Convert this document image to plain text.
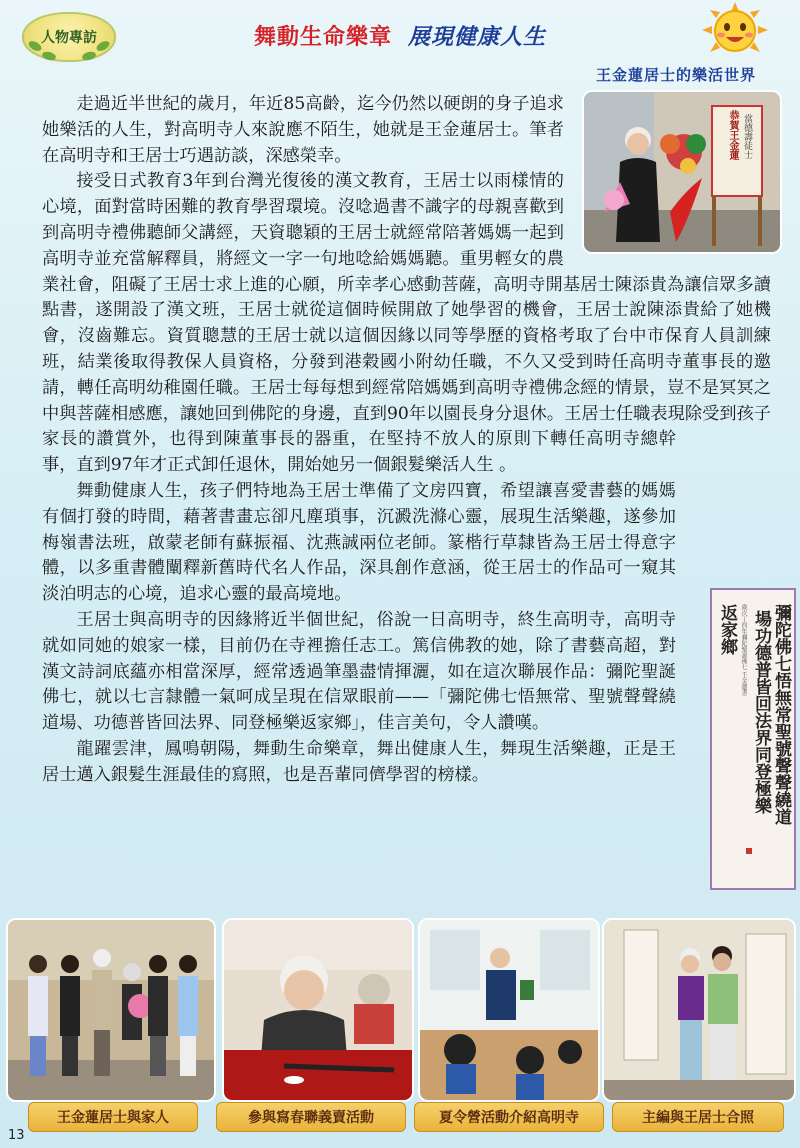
人物專訪	舞動生命樂章 展現健康人生
王金蓮居士的樂活世界
恭賀王金蓮 當德壽徒士

走過近半世紀的歲月，年近85高齡，迄今仍然以硬朗的身子追求她樂活的人生，對高明寺人來說應不陌生，她就是王金蓮居士。筆者在高明寺和王居士巧遇訪談，深感榮幸。

接受日式教育3年到台灣光復後的漢文教育，王居士以雨樣情的心境，面對當時困難的教育學習環境。沒唸過書不識字的母親喜歡到到高明寺禮佛聽師父講經，天資聰穎的王居士就經常陪著媽媽一起到高明寺並充當解釋員，將經文一字一句地唸給媽媽聽。重男輕女的農業社會，阻礙了王居士求上進的心願，所幸孝心感動菩薩，高明寺開基居士陳添貴為讓信眾多讀點書，遂開設了漢文班，王居士就從這個時候開啟了她學習的機會，王居士說陳添貴給了她機會，沒齒難忘。資質聰慧的王居士就以這個因緣以同等學歷的資格考取了台中市保育人員訓練班，結業後取得教保人員資格，分發到港穀國小附幼任職，不久又受到時任高明寺董事長的邀請，轉任高明幼稚園任職。王居士每每想到經常陪媽媽到高明寺禮佛念經的情景，豈不是冥冥之中與菩薩相感應，讓她回到佛陀的身邊，直到90年以園長身分退休。王居士任職表現除受到孩子家長的讚賞外，也得到陳董事長的器重，在堅持不放人的原則下轉任高明寺總幹事，直到97年才正式卸任退休，開始她另一個銀髮樂活人生 。

舞動健康人生，孩子們特地為王居士準備了文房四寶，希望讓喜愛書藝的媽媽有個打發的時間，藉著書畫忘卻凡塵瑣事，沉澱洗滌心靈，展現生活樂趣，遂參加梅嶺書法班，啟蒙老師有蘇振福、沈燕誠兩位老師。篆楷行草隸皆為王居士得意字體，以多重書體闡釋新舊時代名人作品，深具創作意涵，從王居士的作品可一窺其淡泊明志的心境，追求心靈的最高境地。

王居士與高明寺的因緣將近半個世紀，俗說一日高明寺，終生高明寺，高明寺就如同她的娘家一樣，目前仍在寺裡擔任志工。篤信佛教的她，除了書藝高超，對漢文詩詞底蘊亦相當深厚，經常透過筆墨盡情揮灑，如在這次聯展作品：彌陀聖誕佛七，就以七言隸體一氣呵成呈現在信眾眼前——「彌陀佛七悟無常、聖號聲聲繞道場、功德普皆回法界、同登極樂返家鄉」，佳言美句，令人讚嘆。

龍躍雲津，鳳鳴朝陽，舞動生命樂章，舞出健康人生，舞現生活樂趣，正是王居士邁入銀髮生涯最佳的寫照，也是吾輩同儕學習的榜樣。	彌陀佛七悟無常聖號聲聲繞道
場功德普皆回法界同登極樂
歲次丁酉年彌陀聖誕佛七 王金蓮書
返家鄉
王金蓮居士與家人	參與寫春聯義賣活動	夏令營活動介紹高明寺	主編與王居士合照
13
